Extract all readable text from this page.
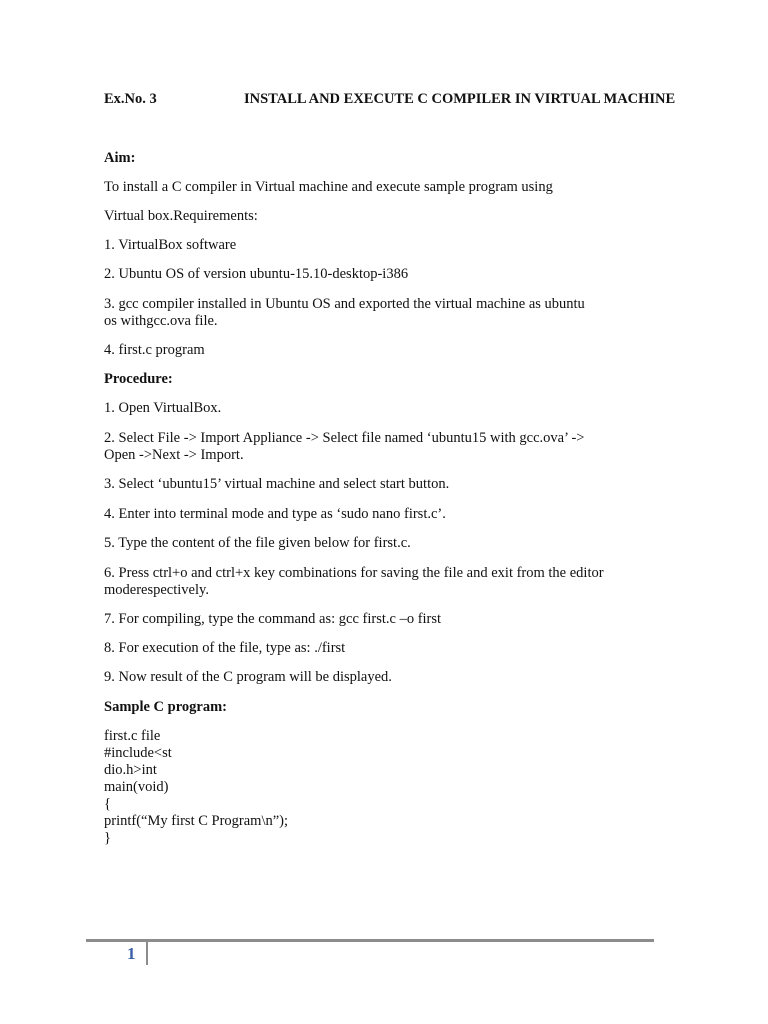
Ex.No. 3	INSTALL AND EXECUTE C COMPILER IN VIRTUAL MACHINE
Aim:
To install a C compiler in Virtual machine and execute sample program using
Virtual box.Requirements:
1. VirtualBox software
2. Ubuntu OS of version ubuntu-15.10-desktop-i386
3. gcc compiler installed in Ubuntu OS and exported the virtual machine as ubuntu
os withgcc.ova file.
4. first.c program
Procedure:
1. Open VirtualBox.
2. Select File -> Import Appliance -> Select file named ‘ubuntu15 with gcc.ova’ ->
Open ->Next -> Import.
3. Select ‘ubuntu15’ virtual machine and select start button.
4. Enter into terminal mode and type as ‘sudo nano first.c’.
5. Type the content of the file given below for first.c.
6. Press ctrl+o and ctrl+x key combinations for saving the file and exit from the editor
moderespectively.
7. For compiling, type the command as: gcc first.c –o first
8. For execution of the file, type as: ./first
9. Now result of the C program will be displayed.
Sample C program:
first.c file
#include<st
dio.h>int
main(void)
{
printf(“My first C Program\n”);
}
1
